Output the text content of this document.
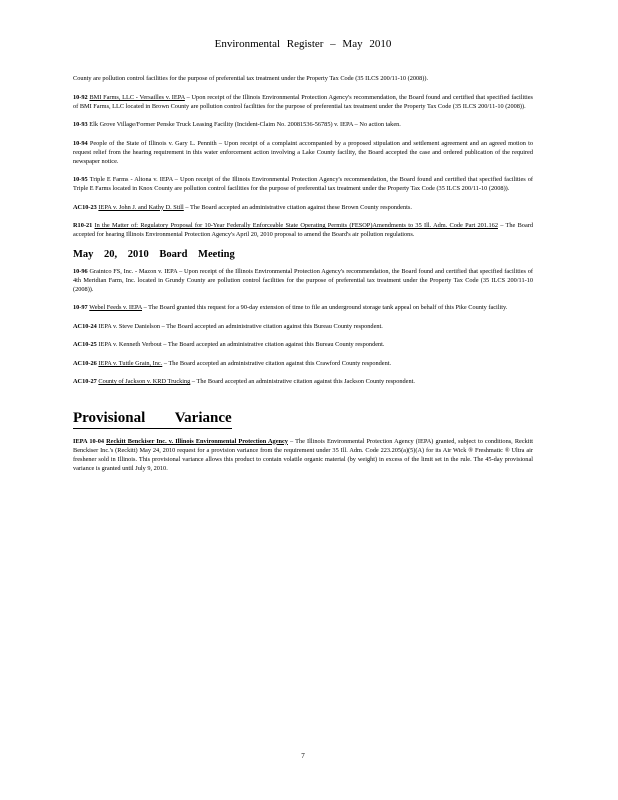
Environmental Register – May 2010

County are pollution control facilities for the purpose of preferential tax treatment under the Property Tax Code (35 ILCS 200/11-10 (2008)).

10-92 BMI Farms, LLC - Versailles v. IEPA – Upon receipt of the Illinois Environmental Protection Agency's recommendation, the Board found and certified that specified facilities of BMI Farms, LLC located in Brown County are pollution control facilities for the purpose of preferential tax treatment under the Property Tax Code (35 ILCS 200/11-10 (2008)).

10-93 Elk Grove Village/Former Penske Truck Leasing Facility (Incident-Claim No. 20081536-56785) v. IEPA – No action taken.

10-94 People of the State of Illinois v. Gary L. Pennith – Upon receipt of a complaint accompanied by a proposed stipulation and settlement agreement and an agreed motion to request relief from the hearing requirement in this water enforcement action involving a Lake County facility, the Board accepted the case and ordered publication of the required newspaper notice.

10-95 Triple E Farms - Altona v. IEPA – Upon receipt of the Illinois Environmental Protection Agency's recommendation, the Board found and certified that specified facilities of Triple E Farms located in Knox County are pollution control facilities for the purpose of preferential tax treatment under the Property Tax Code (35 ILCS 200/11-10 (2008)).

AC10-23 IEPA v. John J. and Kathy D. Still – The Board accepted an administrative citation against these Brown County respondents.

R10-21 In the Matter of: Regulatory Proposal for 10-Year Federally Enforceable State Operating Permits (FESOP)Amendments to 35 Ill. Adm. Code Part 201.162 – The Board accepted for hearing Illinois Environmental Protection Agency's April 20, 2010 proposal to amend the Board's air pollution regulations.

May 20, 2010 Board Meeting

10-96 Graintco FS, Inc. - Mazon v. IEPA – Upon receipt of the Illinois Environmental Protection Agency's recommendation, the Board found and certified that specified facilities of 4th Meridian Farm, Inc. located in Grundy County are pollution control facilities for the purpose of preferential tax treatment under the Property Tax Code (35 ILCS 200/11-10 (2008)).

10-97 Webel Feeds v. IEPA – The Board granted this request for a 90-day extension of time to file an underground storage tank appeal on behalf of this Pike County facility.

AC10-24 IEPA v. Steve Danielson – The Board accepted an administrative citation against this Bureau County respondent.

AC10-25 IEPA v. Kenneth Verbout – The Board accepted an administrative citation against this Bureau County respondent.

AC10-26 IEPA v. Tuttle Grain, Inc. – The Board accepted an administrative citation against this Crawford County respondent.

AC10-27 County of Jackson v. KRD Trucking – The Board accepted an administrative citation against this Jackson County respondent.

Provisional Variance

IEPA 10-04 Reckitt Benckiser Inc. v. Illinois Environmental Protection Agency – The Illinois Environmental Protection Agency (IEPA) granted, subject to conditions, Reckitt Benckiser Inc.'s (Reckitt) May 24, 2010 request for a provision variance from the requirement under 35 Ill. Adm. Code 223.205(a)(5)(A) for its Air Wick ® Freshmatic ® Ultra air freshener sold in Illinois. This provisional variance allows this product to contain volatile organic material (by weight) in excess of the limit set in the rule. The 45-day provisional variance is granted until July 9, 2010.

7
